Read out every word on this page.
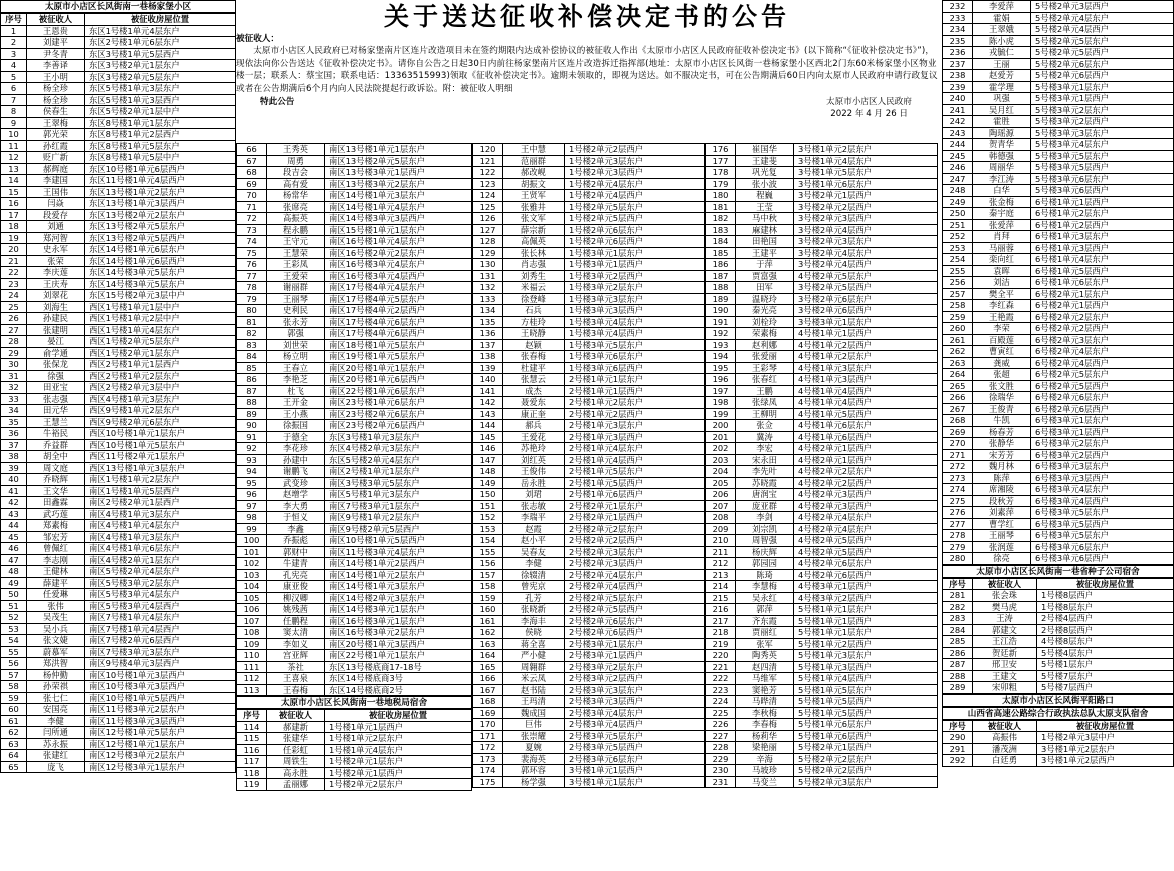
关于送达征收补偿决定书的公告
被征收人：

太原市小店区人民政府已对杨家堡南片区连片改造项目未在签约期限内达成补偿协议的被征收人作出《太原市小店区人民政府征收补偿决定书》(以下简称“《征收补偿决定书》”)，现依法向你公告送达《征收补偿决定书》。请你自公告之日起30日内前往杨家堡南片区连片改造拆迁指挥部(地址：太原市小店区长风街一巷杨家堡小区西北2门东60米杨家堡小区物业楼一层；联系人：蔡宝国；联系电话：13363515993)领取《征收补偿决定书》。逾期未领取的，即视为送达。如不服决定书，可在公告期满后60日内向太原市人民政府申请行政复议或者在公告期满后6个月内向人民法院提起行政诉讼。附：被征收人明细

特此公告	太原市小店区人民政府
2022 年 4 月 26 日
太原市小店区长风街南一巷杨家堡小区
序号	被征收人	被征收房屋位置
1	王恩贵	东区1号楼1单元4层东户
2	刘建平	东区2号楼1单元6层东户
3	尹冬青	东区3号楼1单元5层西户
4	李善译	东区3号楼2单元1层东户
5	王小明	东区3号楼2单元5层东户
6	杨全珍	东区5号楼1单元3层东户
7	杨全珍	东区5号楼1单元3层西户
8	侯春生	东区5号楼2单元1层中户
9	王翠梅	东区8号楼1单元1层东户
10	郭光荣	东区8号楼1单元2层西户
11	孙红霞	东区8号楼1单元5层东户
12	贬广新	东区8号楼1单元5层中户
13	郝辉庭	东区10号楼1单元6层西户
14	李建国	东区11号楼1单元4层西户
15	王国伟	东区13号楼1单元2层东户
16	闫焱	东区13号楼1单元3层西户
17	段爱存	东区13号楼2单元2层东户
18	刘通	东区13号楼2单元5层东户
19	郑河智	东区13号楼2单元5层西户
20	史永军	东区14号楼1单元6层东户
21	张荣	东区14号楼1单元6层西户
22	李庆莲	东区14号楼3单元5层东户
23	王庆寿	东区14号楼3单元5层东户
24	刘翠花	东区15号楼2单元3层中户
25	刘海生	西区1号楼1单元1层中户
26	孙建民	西区1号楼1单元2层中户
27	张建明	西区1号楼1单元4层东户
28	晏江	西区1号楼2单元5层东户
29	俞学通	西区1号楼2单元1层东户
30	张保龙	西区2号楼1单元1层西户
31	徐强	西区2号楼1单元2层东户
32	田亚宝	西区2号楼2单元3层中户
33	张志强	西区4号楼1单元3层东户
34	田元华	西区9号楼1单元2层东户
35	王慧兰	西区9号楼2单元6层东户
36	牛裕民	西区10号楼1单元1层东户
37	乔益群	西区10号楼1单元5层东户
38	胡全中	西区11号楼2单元1层东户
39	周文庭	西区13号楼1单元3层东户
40	乔晓辉	南区1号楼1单元2层东户
41	王文华	南区1号楼1单元5层西户
42	田鑫霖	南区2号楼2单元1层西户
43	武巧莲	南区4号楼1单元3层东户
44	郑素梅	南区4号楼1单元4层东户
45	邹宏芳	南区4号楼1单元3层东户
46	曾佩红	南区4号楼1单元6层东户
47	李志刚	南区4号楼2单元1层东户
48	王健林	南区5号楼2单元4层东户
49	薛建平	南区5号楼3单元2层东户
50	任爱琳	南区5号楼3单元4层东户
51	张伟	南区5号楼3单元4层西户
52	吴茂生	南区7号楼1单元4层东户
53	吴小兵	南区7号楼1单元4层西户
54	张文婕	南区7号楼2单元6层西户
55	蔚慕军	南区7号楼3单元3层东户
56	郑洪智	南区9号楼4单元3层西户
57	杨仲勤	南区10号楼1单元3层西户
58	孙荣祺	南区10号楼3单元3层西户
59	张七仁	南区10号楼1单元5层西户
60	安国亮	南区11号楼3单元2层东户
61	李健	南区11号楼3单元3层西户
62	闫所通	南区12号楼1单元5层东户
63	苏永振	南区12号楼1单元1层东户
64	张建红	南区12号楼3单元2层东户
65	庞飞	南区12号楼3单元1层东户
66	王秀英	南区13号楼1单元1层东户
67	周勇	南区13号楼2单元5层东户
68	段吉会	南区13号楼3单元1层西户
69	高有爱	南区13号楼3单元2层东户
70	杨常华	南区14号楼1单元3层东户
71	张席亮	南区14号楼1单元4层东户
72	高振英	南区14号楼3单元3层西户
73	程永鹏	南区15号楼1单元1层东户
74	王守元	南区16号楼1单元4层东户
75	王慧荣	南区16号楼2单元2层东户
76	王彩凤	南区16号楼3单元4层东户
77	王爱荣	南区16号楼3单元4层西户
78	谢丽群	南区17号楼4单元4层东户
79	王丽琴	南区17号楼4单元5层东户
80	史利民	南区17号楼4单元2层西户
81	张永芳	南区17号楼4单元6层东户
82	郭强	南区17号楼4单元6层西户
83	刘世荣	南区18号楼1单元5层东户
84	杨立明	南区19号楼1单元5层东户
85	王春立	南区20号楼1单元1层东户
86	李艳芝	南区20号楼1单元6层西户
87	杜飞	南区22号楼1单元6层东户
88	王开金	南区23号楼1单元6层东户
89	王小燕	南区23号楼2单元6层东户
90	徐振国	南区23号楼2单元6层西户
91	于德全	东区3号楼1单元3层东户
92	李花珍	东区4号楼2单元3层东户
93	孙建中	东区5号楼2单元4层东户
94	谢鹏飞	南区2号楼1单元1层东户
95	武变珍	南区3号楼3单元5层东户
96	赵增学	南区5号楼1单元3层东户
97	李大勇	南区7号楼3单元1层东户
98	于恒义	南区9号楼1单元2层东户
99	李鑫	南区9号楼2单元5层西户
100	乔振彪	南区10号楼1单元5层西户
101	郭财中	南区11号楼3单元4层东户
102	牛建青	南区14号楼1单元2层西户
103	孔宪亮	南区14号楼1单元2层东户
104	康亚俊	南区14号楼1单元3层东户
105	柳汉卿	南区14号楼2单元3层东户
106	姚残茜	南区14号楼3单元1层东户
107	任鹏程	南区16号楼3单元1层东户
108	窦太清	南区16号楼3单元2层东户
109	李如义	南区20号楼1单元3层西户
110	宫亚辉	南区22号楼1单元1层东户
111	茶社	东区13号楼底商17-18号
112	王喜泉	东区14号楼底商3号
113	王春梅	东区14号楼底商2号
太原市小店区长风街南一巷地税局宿舍
序号	被征收人	被征收房屋位置
114	郝建新	1号楼1单元1层西户
115	张建华	1号楼1单元2层东户
116	任彩虹	1号楼1单元4层东户
117	周铁生	1号楼2单元1层东户
118	高永胜	1号楼2单元1层西户
119	孟丽娜	1号楼2单元2层东户
120	王中慧	1号楼2单元2层西户
121	范丽群	1号楼2单元3层东户
122	郝改岘	1号楼2单元3层西户
123	胡振文	1号楼2单元4层东户
124	王贤军	1号楼2单元4层西户
125	张雅井	1号楼2单元5层东户
126	张文军	1号楼2单元5层西户
127	薛宗新	1号楼2单元6层东户
128	高佩英	1号楼2单元6层西户
129	张长林	1号楼3单元1层东户
130	肖志强	1号楼3单元1层西户
131	刘秀生	1号楼3单元2层西户
132	米福云	1号楼3单元2层东户
133	徐登峰	1号楼3单元3层东户
134	石兵	1号楼3单元3层西户
135	方桂玲	1号楼3单元4层东户
136	王晓静	1号楼3单元4层西户
137	赵颖	1号楼3单元5层东户
138	张春梅	1号楼3单元6层东户
139	杜建平	1号楼3单元6层西户
140	张慧云	2号楼1单元1层东户
141	成杰	2号楼1单元1层西户
142	聂爱东	2号楼1单元2层东户
143	康正奎	2号楼1单元2层西户
144	郝兵	2号楼1单元3层东户
145	王爱花	2号楼1单元3层西户
146	苏艳玲	2号楼1单元4层东户
147	刘红英	2号楼1单元4层西户
148	王俊伟	2号楼1单元5层东户
149	岳永胜	2号楼1单元5层西户
150	刘珺	2号楼1单元6层西户
151	张志敏	2号楼2单元1层东户
152	李瑞平	2号楼2单元1层西户
153	赵霞	2号楼2单元2层东户
154	赵小平	2号楼2单元2层西户
155	吴春友	2号楼2单元3层东户
156	李健	2号楼2单元3层西户
157	徐辍清	2号楼2单元4层东户
158	曾宪京	2号楼2单元4层西户
159	孔芳	2号楼2单元5层东户
160	张晓新	2号楼2单元5层西户
161	李海丰	2号楼2单元6层东户
162	侯晓	2号楼2单元6层西户
163	蒋全喜	2号楼3单元1层东户
164	严小健	2号楼3单元1层西户
165	周翱群	2号楼3单元2层东户
166	米云凤	2号楼3单元2层西户
167	赵书陆	2号楼3单元3层东户
168	王玛清	2号楼3单元3层西户
169	魏成国	2号楼3单元4层东户
170	巨伟	2号楼3单元4层西户
171	张崇耀	2号楼3单元5层东户
172	夏婉	2号楼3单元5层西户
173	裴海英	2号楼3单元6层东户
174	郭环容	3号楼1单元1层西户
175	杨学强	3号楼1单元1层东户
176	崔国华	3号楼1单元2层东户
177	王建斐	3号楼1单元4层东户
178	巩光复	3号楼1单元5层东户
179	张小波	3号楼1单元6层东户
180	程巍	3号楼2单元1层西户
181	王莹	3号楼2单元2层西户
182	马中秋	3号楼2单元3层西户
183	麻建林	3号楼2单元4层西户
184	田艳国	3号楼2单元3层东户
185	王建平	3号楼2单元4层东户
186	于萍	3号楼2单元4层西户
187	贾富强	4号楼2单元5层东户
188	田军	3号楼2单元5层西户
189	温晓玲	3号楼2单元6层东户
190	秦光亮	3号楼2单元6层西户
191	刘栓玲	3号楼3单元1层东户
192	荣素梅	4号楼1单元1层西户
193	赵利娜	4号楼1单元2层西户
194	张爱丽	4号楼1单元2层东户
195	王彩琴	4号楼1单元3层东户
196	张春红	4号楼1单元3层西户
197	王鹏	4号楼1单元4层西户
198	张绿凤	4号楼1单元4层西户
199	王柳明	4号楼1单元5层西户
200	张佥	4号楼1单元6层东户
201	冀涛	4号楼1单元6层西户
202	李宏	4号楼2单元1层西户
203	宋永田	4号楼2单元1层西户
204	李先叶	4号楼2单元2层东户
205	苏晓霞	4号楼2单元2层西户
206	唐润宝	4号楼2单元3层西户
207	庞亚群	4号楼2单元3层西户
208	李剑	4号楼2单元4层东户
209	刘宗凯	4号楼2单元4层东户
210	周智强	4号楼2单元5层西户
211	杨庆辉	4号楼2单元5层西户
212	郭园园	4号楼2单元6层东户
213	陈琦	4号楼2单元6层西户
214	李慧梅	4号楼3单元1层西户
215	吴永红	4号楼3单元2层西户
216	郭萍	5号楼1单元1层东户
217	齐东霞	5号楼1单元1层西户
218	贾丽红	5号楼1单元1层东户
219	张军	5号楼1单元2层西户
220	陶秀英	5号楼1单元3层东户
221	赵四清	5号楼1单元3层西户
222	马维军	5号楼1单元4层西户
223	窦艳芳	5号楼1单元5层东户
224	马晔清	5号楼1单元5层西户
225	李秋梅	5号楼1单元5层西户
226	李春梅	5号楼1单元6层东户
227	杨莉华	5号楼1单元6层西户
228	梁艳丽	5号楼2单元1层西户
229	辛海	5号楼2单元2层东户
230	马坡珍	5号楼2单元2层西户
231	马变兰	5号楼2单元3层东户
232	李爱萍	5号楼2单元3层西户
233	霍娟	5号楼2单元4层东户
234	王翠娥	5号楼2单元4层西户
235	陈小虎	5号楼2单元5层东户
236	戎毓仁	5号楼2单元5层西户
237	王丽	5号楼2单元6层东户
238	赵爱芳	5号楼2单元6层西户
239	霍学理	5号楼3单元1层东户
240	巩强	5号楼3单元1层西户
241	吴月红	5号楼3单元2层东户
242	霍胜	5号楼3单元2层西户
243	陶瑶源	5号楼3单元3层东户
244	贺青华	5号楼3单元4层东户
245	韩德强	5号楼3单元5层东户
246	周丽华	5号楼3单元5层西户
247	李江涛	5号楼3单元6层东户
248	白华	5号楼3单元6层西户
249	张金梅	6号楼1单元1层西户
250	秦宇庭	6号楼1单元2层东户
251	张爱萍	6号楼1单元2层西户
252	肖拜	6号楼1单元3层东户
253	马丽蓉	6号楼1单元3层西户
254	栾向红	6号楼1单元4层东户
255	袁晖	6号楼1单元5层西户
256	刘洁	6号楼1单元6层东户
257	樊全平	6号楼2单元1层东户
258	李红森	6号楼2单元1层西户
259	王艳霞	6号楼2单元2层东户
260	李荣	6号楼2单元2层西户
261	百殿莲	6号楼2单元3层东户
262	曹寅红	6号楼2单元4层东户
263	龚威	6号楼2单元4层西户
264	张超	6号楼2单元5层东户
265	张文胜	6号楼2单元5层西户
266	徐瑞华	6号楼2单元6层东户
267	王俊青	6号楼2单元6层西户
268	牛凯	6号楼3单元1层东户
269	杨春芳	6号楼3单元1层西户
270	张静华	6号楼3单元2层东户
271	宋芳芳	6号楼3单元2层西户
272	魏月林	6号楼3单元3层东户
273	陈萍	6号楼3单元3层西户
274	席湘陵	6号楼3单元4层东户
275	段秋芳	6号楼3单元4层西户
276	刘素萍	6号楼3单元5层东户
277	曹学红	6号楼3单元5层西户
278	王丽琴	6号楼3单元5层东户
279	张润莲	6号楼3单元6层东户
280	徐亮	6号楼3单元6层西户
太原市小店区长风街南一巷省种子公司宿舍
序号	被征收人	被征收房屋位置
281	张会珠	1号楼8层西户
282	樊马虎	1号楼8层东户
283	王涛	2号楼4层西户
284	郭建文	2号楼8层西户
285	王江浩	4号楼8层东户
286	贺廷新	5号楼4层东户
287	邢卫安	5号楼1层东户
288	王建文	5号楼7层东户
289	宋卯粗	5号楼7层西户
太原市小店区长风街平阳路口
山西省高速公路综合行政执法总队太原支队宿舍
序号	被征收人	被征收房屋位置
290	高振伟	1号楼2单元3层中户
291	潘茂洲	3号楼1单元2层东户
292	白廷勇	3号楼1单元2层西户
